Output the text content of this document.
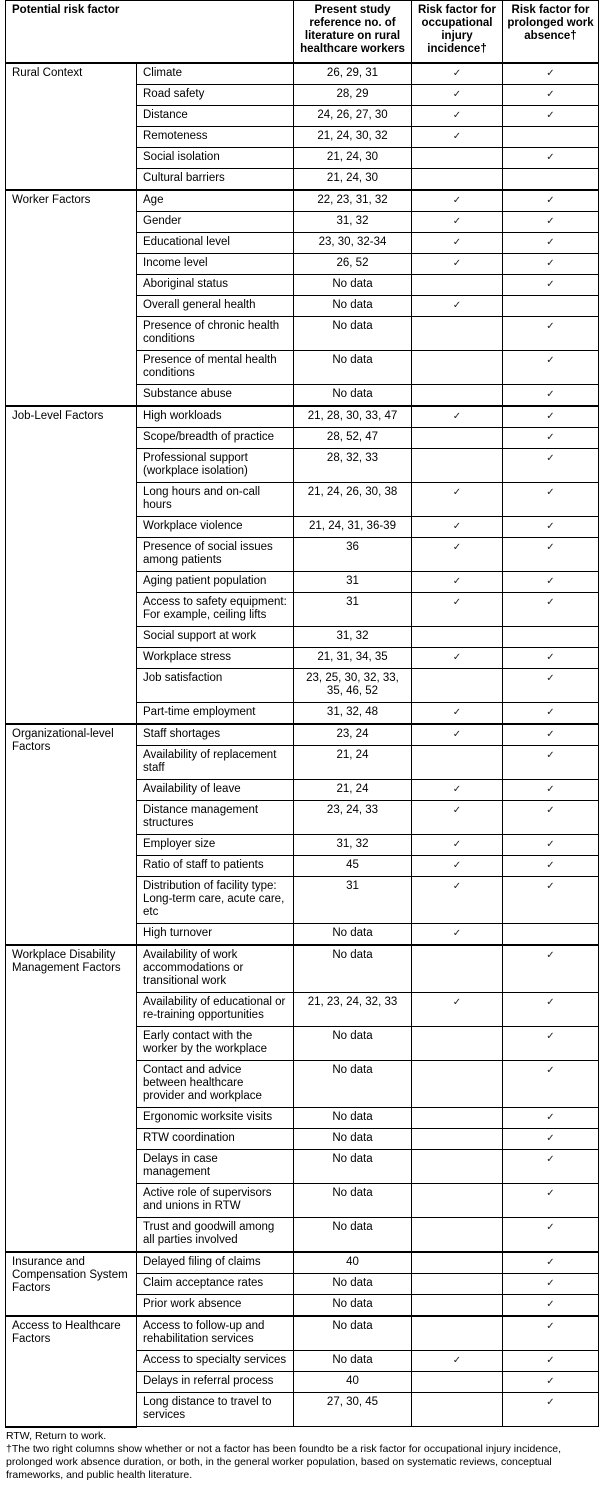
Potential risk factor		Present study reference no. of literature on rural healthcare workers	Risk factor for occupational injury incidence†	Risk factor for prolonged work absence†
Rural Context	Climate	26, 29, 31	✓	✓
	Road safety	28, 29	✓	✓
	Distance	24, 26, 27, 30	✓	✓
	Remoteness	21, 24, 30, 32	✓	
	Social isolation	21, 24, 30		✓
	Cultural barriers	21, 24, 30		
Worker Factors	Age	22, 23, 31, 32	✓	✓
	Gender	31, 32	✓	✓
	Educational level	23, 30, 32-34	✓	✓
	Income level	26, 52	✓	✓
	Aboriginal status	No data		✓
	Overall general health	No data	✓	
	Presence of chronic health conditions	No data		✓
	Presence of mental health conditions	No data		✓
	Substance abuse	No data		✓
Job-Level Factors	High workloads	21, 28, 30, 33, 47	✓	✓
	Scope/breadth of practice	28, 52, 47		✓
	Professional support (workplace isolation)	28, 32, 33		✓
	Long hours and on-call hours	21, 24, 26, 30, 38	✓	✓
	Workplace violence	21, 24, 31, 36-39	✓	✓
	Presence of social issues among patients	36	✓	✓
	Aging patient population	31	✓	✓
	Access to safety equipment: For example, ceiling lifts	31	✓	✓
	Social support at work	31, 32		
	Workplace stress	21, 31, 34, 35	✓	✓
	Job satisfaction	23, 25, 30, 32, 33, 35, 46, 52		✓
	Part-time employment	31, 32, 48	✓	✓
Organizational-level Factors	Staff shortages	23, 24	✓	✓
	Availability of replacement staff	21, 24		✓
	Availability of leave	21, 24	✓	✓
	Distance management structures	23, 24, 33	✓	✓
	Employer size	31, 32	✓	✓
	Ratio of staff to patients	45	✓	✓
	Distribution of facility type: Long-term care, acute care, etc	31	✓	✓
	High turnover	No data	✓	
Workplace Disability Management Factors	Availability of work accommodations or transitional work	No data		✓
	Availability of educational or re-training opportunities	21, 23, 24, 32, 33	✓	✓
	Early contact with the worker by the workplace	No data		✓
	Contact and advice between healthcare provider and workplace	No data		✓
	Ergonomic worksite visits	No data		✓
	RTW coordination	No data		✓
	Delays in case management	No data		✓
	Active role of supervisors and unions in RTW	No data		✓
	Trust and goodwill among all parties involved	No data		✓
Insurance and Compensation System Factors	Delayed filing of claims	40		✓
	Claim acceptance rates	No data		✓
	Prior work absence	No data		✓
Access to Healthcare Factors	Access to follow-up and rehabilitation services	No data		✓
	Access to specialty services	No data	✓	✓
	Delays in referral process	40		✓
	Long distance to travel to services	27, 30, 45		✓
RTW, Return to work.
†The two right columns show whether or not a factor has been foundto be a risk factor for occupational injury incidence, prolonged work absence duration, or both, in the general worker population, based on systematic reviews, conceptual frameworks, and public health literature.
